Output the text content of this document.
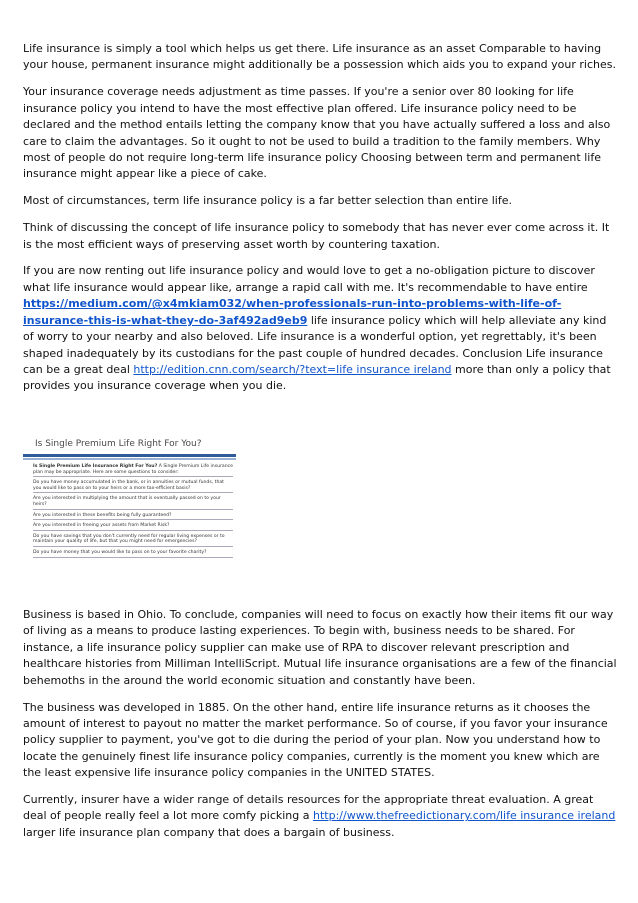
Life insurance is simply a tool which helps us get there. Life insurance as an asset Comparable to having your house, permanent insurance might additionally be a possession which aids you to expand your riches.

Your insurance coverage needs adjustment as time passes. If you're a senior over 80 looking for life insurance policy you intend to have the most effective plan offered. Life insurance policy need to be declared and the method entails letting the company know that you have actually suffered a loss and also care to claim the advantages. So it ought to not be used to build a tradition to the family members. Why most of people do not require long-term life insurance policy Choosing between term and permanent life insurance might appear like a piece of cake.

Most of circumstances, term life insurance policy is a far better selection than entire life.

Think of discussing the concept of life insurance policy to somebody that has never ever come across it. It is the most efficient ways of preserving asset worth by countering taxation.

If you are now renting out life insurance policy and would love to get a no-obligation picture to discover what life insurance would appear like, arrange a rapid call with me. It's recommendable to have entire https://medium.com/@x4mkiam032/when-professionals-run-into-problems-with-life-of-insurance-this-is-what-they-do-3af492ad9eb9 life insurance policy which will help alleviate any kind of worry to your nearby and also beloved. Life insurance is a wonderful option, yet regrettably, it's been shaped inadequately by its custodians for the past couple of hundred decades. Conclusion Life insurance can be a great deal http://edition.cnn.com/search/?text=life insurance ireland more than only a policy that provides you insurance coverage when you die.

Is Single Premium Life Right For You?

Is Single Premium Life Insurance Right For You? A Single Premium Life insurance plan may be appropriate. Here are some questions to consider:

Do you have money accumulated in the bank, or in annuities or mutual funds, that you would like to pass on to your heirs or a more tax-efficient basis?

Are you interested in multiplying the amount that is eventually passed on to your heirs?

Are you interested in these benefits being fully guaranteed?

Are you interested in freeing your assets from Market Risk?

Do you have savings that you don't currently need for regular living expenses or to maintain your quality of life, but that you might need for emergencies?

Do you have money that you would like to pass on to your favorite charity?

Business is based in Ohio. To conclude, companies will need to focus on exactly how their items fit our way of living as a means to produce lasting experiences. To begin with, business needs to be shared. For instance, a life insurance policy supplier can make use of RPA to discover relevant prescription and healthcare histories from Milliman IntelliScript. Mutual life insurance organisations are a few of the financial behemoths in the around the world economic situation and constantly have been.

The business was developed in 1885. On the other hand, entire life insurance returns as it chooses the amount of interest to payout no matter the market performance. So of course, if you favor your insurance policy supplier to payment, you've got to die during the period of your plan. Now you understand how to locate the genuinely finest life insurance policy companies, currently is the moment you knew which are the least expensive life insurance policy companies in the UNITED STATES.

Currently, insurer have a wider range of details resources for the appropriate threat evaluation. A great deal of people really feel a lot more comfy picking a http://www.thefreedictionary.com/life insurance ireland larger life insurance plan company that does a bargain of business.
